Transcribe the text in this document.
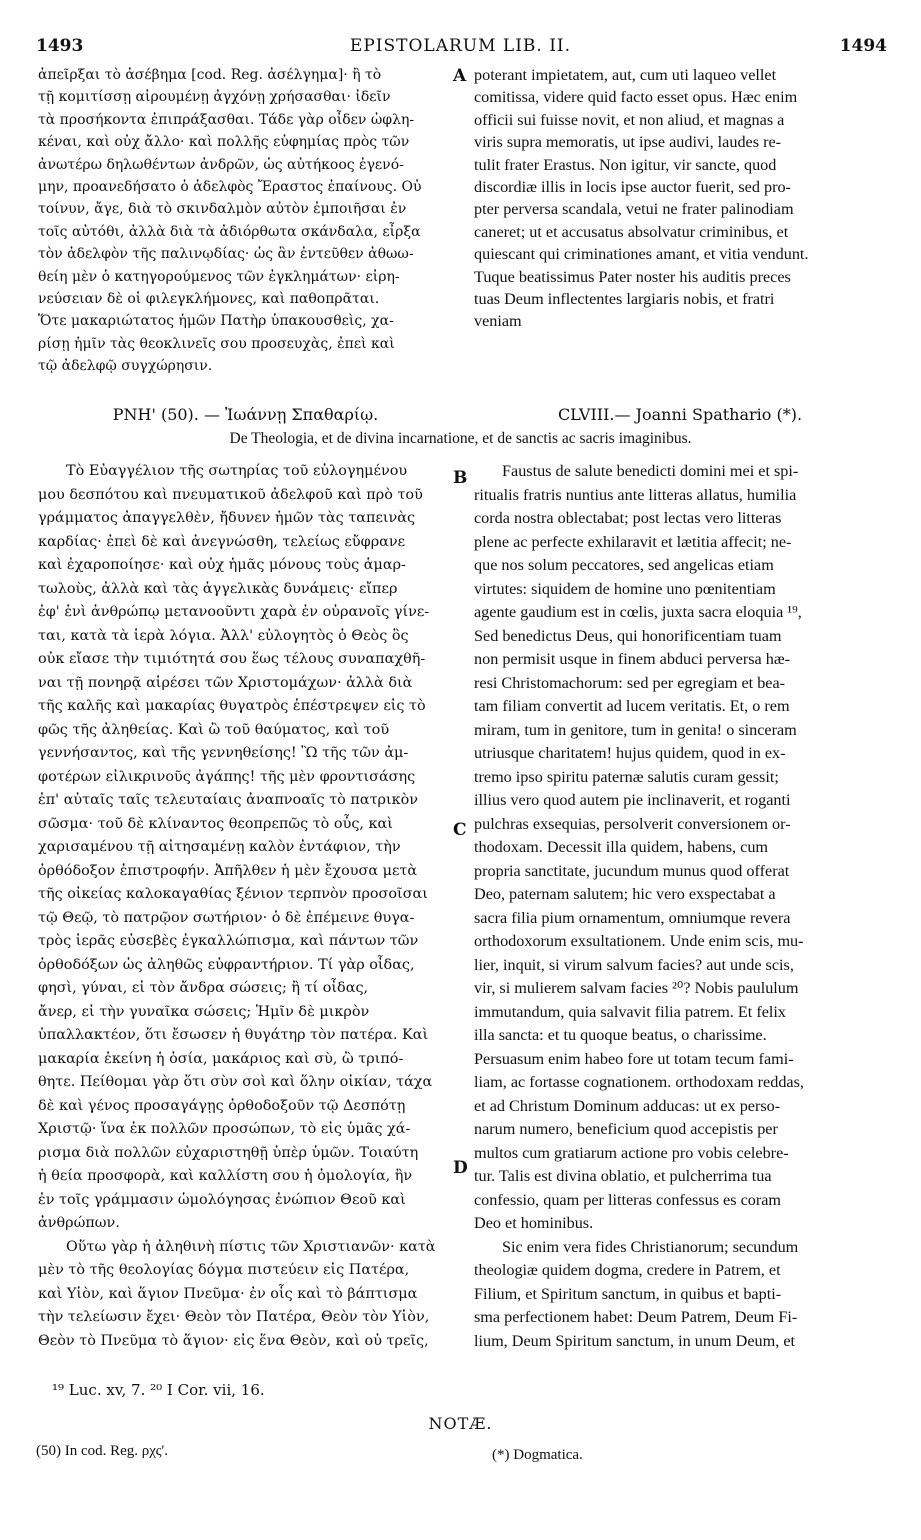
1493	EPISTOLARUM LIB. II.	1494

ἀπεῖρξαι τὸ ἀσέβημα [cod. Reg. ἀσέλγημα]· ἢ τὸ

τῇ κομιτίσσῃ αἱρουμένῃ ἀγχόνῃ χρήσασθαι· ἰδεῖν

τὰ προσήκοντα ἐπιπράξασθαι. Τάδε γὰρ οἶδεν ὠφλη-

κέναι, καὶ οὐχ ἄλλο· καὶ πολλῆς εὐφημίας πρὸς τῶν

ἀνωτέρω δηλωθέντων ἀνδρῶν, ὡς αὐτήκοος ἐγενό-

μην, προανεδήσατο ὁ ἀδελφὸς Ἔραστος ἐπαίνους. Οὐ

τοίνυν, ἄγε, διὰ τὸ σκινδαλμὸν αὐτὸν ἐμποιῆσαι ἐν

τοῖς αὐτόθι, ἀλλὰ διὰ τὰ ἀδιόρθωτα σκάνδαλα, εἶρξα

τὸν ἀδελφὸν τῆς παλινῳδίας· ὡς ἂν ἐντεῦθεν ἀθωω-

θείη μὲν ὁ κατηγορούμενος τῶν ἐγκλημάτων· εἰρη-

νεύσειαν δὲ οἱ φιλεγκλήμονες, καὶ παθοπρᾶται.

Ὅτε μακαριώτατος ἡμῶν Πατὴρ ὑπακουσθεὶς, χα-

ρίσῃ ἡμῖν τὰς θεοκλινεῖς σου προσευχὰς, ἐπεὶ καὶ

τῷ ἀδελφῷ συγχώρησιν.

A poterant impietatem, aut, cum uti laqueo vellet

comitissa, videre quid facto esset opus. Hæc enim

officii sui fuisse novit, et non aliud, et magnas a

viris supra memoratis, ut ipse audivi, laudes re-

tulit frater Erastus. Non igitur, vir sancte, quod

discordiæ illis in locis ipse auctor fuerit, sed pro-

pter perversa scandala, vetui ne frater palinodiam

caneret; ut et accusatus absolvatur criminibus, et

quiescant qui criminationes amant, et vitia vendunt.

Tuque beatissimus Pater noster his auditis preces

tuas Deum inflectentes largiaris nobis, et fratri

veniam

ΡΝΗ' (50). — Ἰωάννῃ Σπαθαρίῳ.	CLVIII.— Joanni Spathario (*).
De Theologia, et de divina incarnatione, et de sanctis ac sacris imaginibus.

Τὸ Εὐαγγέλιον τῆς σωτηρίας τοῦ εὐλογημένου

μου δεσπότου καὶ πνευματικοῦ ἀδελφοῦ καὶ πρὸ τοῦ

γράμματος ἀπαγγελθὲν, ἤδυνεν ἡμῶν τὰς ταπεινὰς

καρδίας· ἐπεὶ δὲ καὶ ἀνεγνώσθη, τελείως εὔφρανε

καὶ ἐχαροποίησε· καὶ οὐχ ἡμᾶς μόνους τοὺς ἁμαρ-

τωλοὺς, ἀλλὰ καὶ τὰς ἀγγελικὰς δυνάμεις· εἴπερ

ἐφ' ἑνὶ ἀνθρώπῳ μετανοοῦντι χαρὰ ἐν οὐρανοῖς γίνε-

ται, κατὰ τὰ ἱερὰ λόγια. Ἀλλ' εὐλογητὸς ὁ Θεὸς ὃς

οὐκ εἴασε τὴν τιμιότητά σου ἕως τέλους συναπαχθῆ-

ναι τῇ πονηρᾷ αἱρέσει τῶν Χριστομάχων· ἀλλὰ διὰ

τῆς καλῆς καὶ μακαρίας θυγατρὸς ἐπέστρεψεν εἰς τὸ

φῶς τῆς ἀληθείας. Καὶ ὢ τοῦ θαύματος, καὶ τοῦ

γεννήσαντος, καὶ τῆς γεννηθείσης! Ὢ τῆς τῶν ἀμ-

φοτέρων εἰλικρινοῦς ἀγάπης! τῆς μὲν φροντισάσης

ἐπ' αὐταῖς ταῖς τελευταίαις ἀναπνοαῖς τὸ πατρικὸν

σῶσμα· τοῦ δὲ κλίναντος θεοπρεπῶς τὸ οὖς, καὶ

χαρισαμένου τῇ αἰτησαμένῃ καλὸν ἐντάφιον, τὴν

ὀρθόδοξον ἐπιστροφήν. Ἀπῆλθεν ἡ μὲν ἔχουσα μετὰ

τῆς οἰκείας καλοκαγαθίας ξένιον τερπνὸν προσοῖσαι

τῷ Θεῷ, τὸ πατρῷον σωτήριον· ὁ δὲ ἐπέμεινε θυγα-

τρὸς ἱερᾶς εὐσεβὲς ἐγκαλλώπισμα, καὶ πάντων τῶν

ὀρθοδόξων ὡς ἀληθῶς εὐφραντήριον. Τί γὰρ οἶδας,

φησὶ, γύναι, εἰ τὸν ἄνδρα σώσεις; ἢ τί οἶδας,

ἄνερ, εἰ τὴν γυναῖκα σώσεις; Ἡμῖν δὲ μικρὸν

ὑπαλλακτέον, ὅτι ἔσωσεν ἡ θυγάτηρ τὸν πατέρα. Καὶ

μακαρία ἐκείνη ἡ ὁσία, μακάριος καὶ σὺ, ὢ τριπό-

θητε. Πείθομαι γὰρ ὅτι σὺν σοὶ καὶ ὅλην οἰκίαν, τάχα

δὲ καὶ γένος προσαγάγῃς ὀρθοδοξοῦν τῷ Δεσπότῃ

Χριστῷ· ἵνα ἐκ πολλῶν προσώπων, τὸ εἰς ὑμᾶς χά-

ρισμα διὰ πολλῶν εὐχαριστηθῇ ὑπὲρ ὑμῶν. Τοιαύτη

ἡ θεία προσφορὰ, καὶ καλλίστη σου ἡ ὁμολογία, ἣν

ἐν τοῖς γράμμασιν ὡμολόγησας ἐνώπιον Θεοῦ καὶ

ἀνθρώπων.

Οὕτω γὰρ ἡ ἀληθινὴ πίστις τῶν Χριστιανῶν· κατὰ

μὲν τὸ τῆς θεολογίας δόγμα πιστεύειν εἰς Πατέρα,

καὶ Υἱὸν, καὶ ἅγιον Πνεῦμα· ἐν οἷς καὶ τὸ βάπτισμα

τὴν τελείωσιν ἔχει· Θεὸν τὸν Πατέρα, Θεὸν τὸν Υἱὸν,

Θεὸν τὸ Πνεῦμα τὸ ἅγιον· εἰς ἕνα Θεὸν, καὶ οὐ τρεῖς,

B
C
D

Faustus de salute benedicti domini mei et spi-

ritualis fratris nuntius ante litteras allatus, humilia

corda nostra oblectabat; post lectas vero litteras

plene ac perfecte exhilaravit et lætitia affecit; ne-

que nos solum peccatores, sed angelicas etiam

virtutes: siquidem de homine uno pœnitentiam

agente gaudium est in cœlis, juxta sacra eloquia ¹⁹,

Sed benedictus Deus, qui honorificentiam tuam

non permisit usque in finem abduci perversa hæ-

resi Christomachorum: sed per egregiam et bea-

tam filiam convertit ad lucem veritatis. Et, o rem

miram, tum in genitore, tum in genita! o sinceram

utriusque charitatem! hujus quidem, quod in ex-

tremo ipso spiritu paternæ salutis curam gessit;

illius vero quod autem pie inclinaverit, et roganti

pulchras exsequias, persolverit conversionem or-

thodoxam. Decessit illa quidem, habens, cum

propria sanctitate, jucundum munus quod offerat

Deo, paternam salutem; hic vero exspectabat a

sacra filia pium ornamentum, omniumque revera

orthodoxorum exsultationem. Unde enim scis, mu-

lier, inquit, si virum salvum facies? aut unde scis,

vir, si mulierem salvam facies ²⁰? Nobis paululum

immutandum, quia salvavit filia patrem. Et felix

illa sancta: et tu quoque beatus, o charissime.

Persuasum enim habeo fore ut totam tecum fami-

liam, ac fortasse cognationem. orthodoxam reddas,

et ad Christum Dominum adducas: ut ex perso-

narum numero, beneficium quod accepistis per

multos cum gratiarum actione pro vobis celebre-

tur. Talis est divina oblatio, et pulcherrima tua

confessio, quam per litteras confessus es coram

Deo et hominibus.

Sic enim vera fides Christianorum; secundum

theologiæ quidem dogma, credere in Patrem, et

Filium, et Spiritum sanctum, in quibus et bapti-

sma perfectionem habet: Deum Patrem, Deum Fi-

lium, Deum Spiritum sanctum, in unum Deum, et

¹⁹ Luc. xv, 7. ²⁰ I Cor. vii, 16.
NOTÆ.
(50) In cod. Reg. ρχς'.	(*) Dogmatica.
